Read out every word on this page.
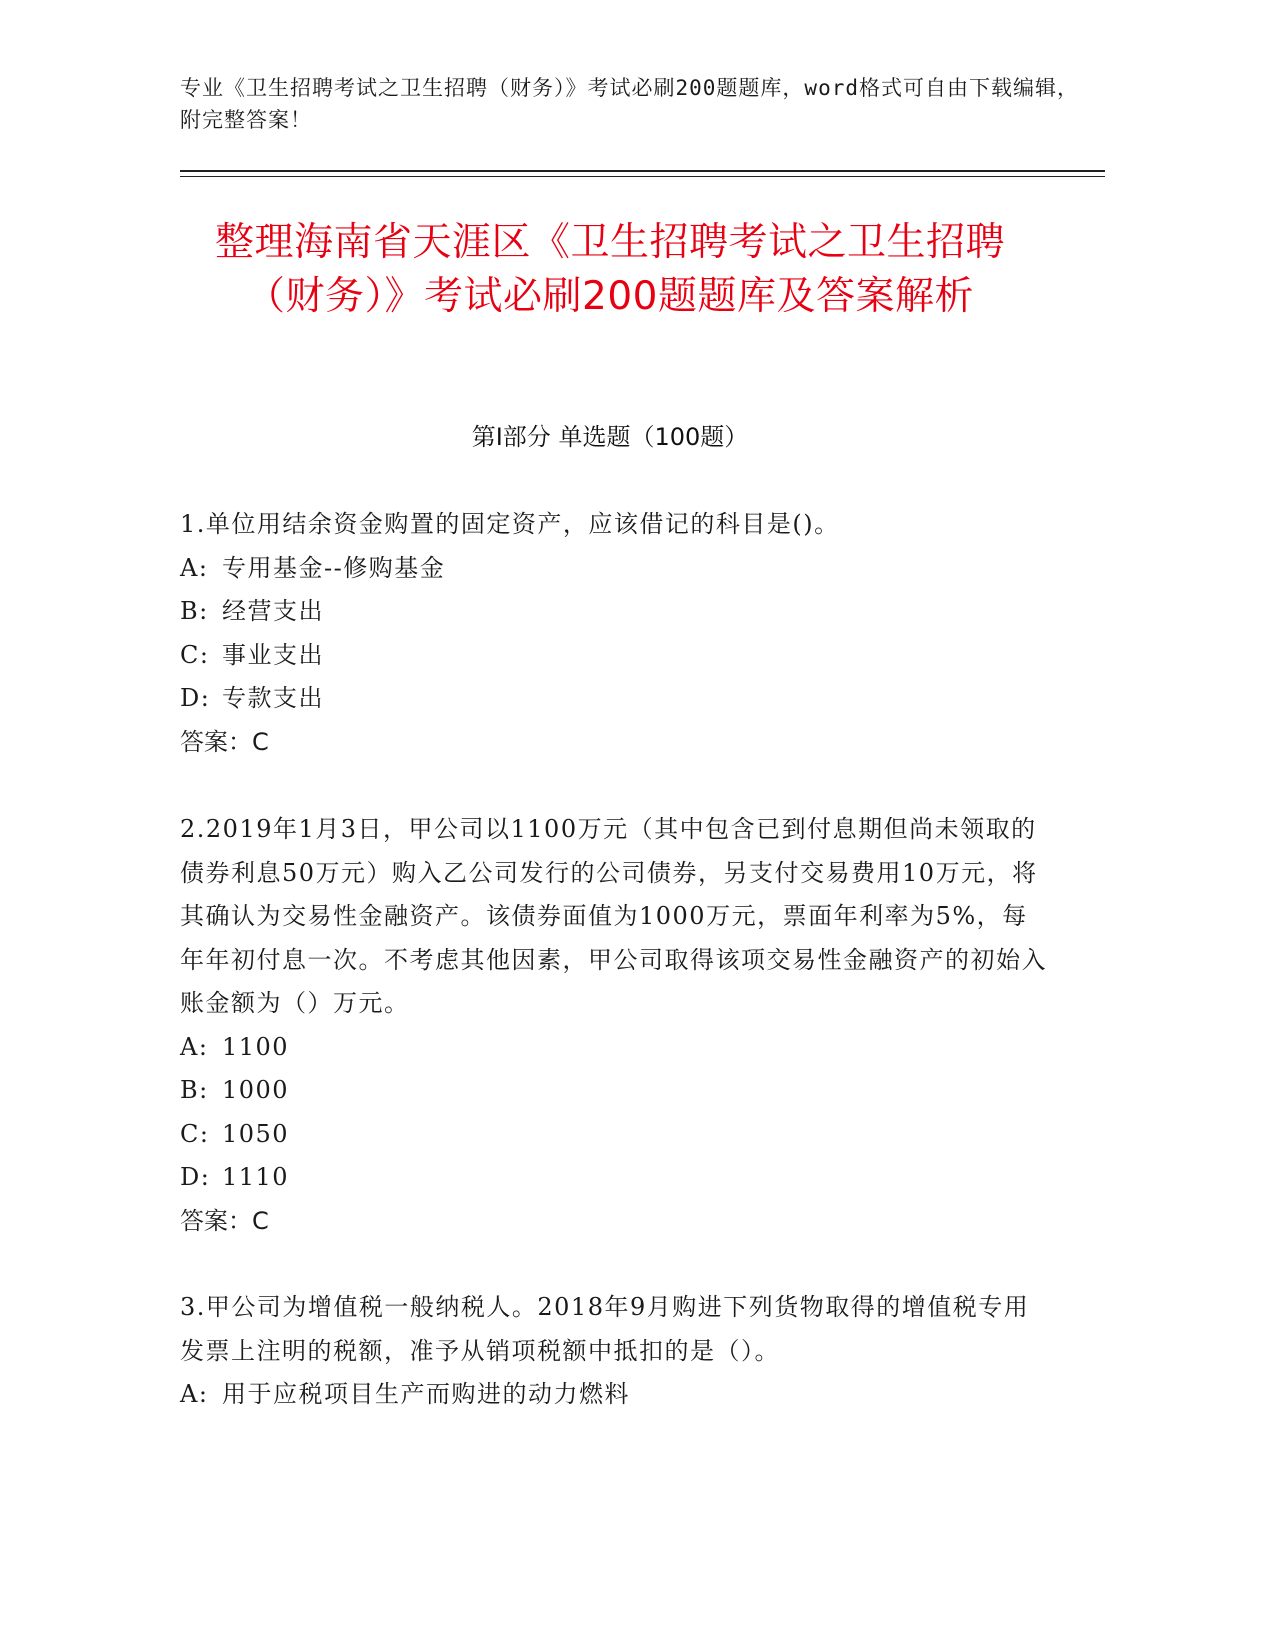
专业《卫生招聘考试之卫生招聘（财务）》考试必刷200题题库，word格式可自由下载编辑，附完整答案！
整理海南省天涯区《卫生招聘考试之卫生招聘（财务）》考试必刷200题题库及答案解析
第I部分 单选题（100题）

1.单位用结余资金购置的固定资产，应该借记的科目是()。

A: 专用基金--修购基金

B: 经营支出

C: 事业支出

D: 专款支出

答案：C

2.2019年1月3日，甲公司以1100万元（其中包含已到付息期但尚未领取的债券利息50万元）购入乙公司发行的公司债券，另支付交易费用10万元，将其确认为交易性金融资产。该债券面值为1000万元，票面年利率为5%，每年年初付息一次。不考虑其他因素，甲公司取得该项交易性金融资产的初始入账金额为（）万元。

A: 1100

B: 1000

C: 1050

D: 1110

答案：C

3.甲公司为增值税一般纳税人。2018年9月购进下列货物取得的增值税专用发票上注明的税额，准予从销项税额中抵扣的是（）。

A: 用于应税项目生产而购进的动力燃料
